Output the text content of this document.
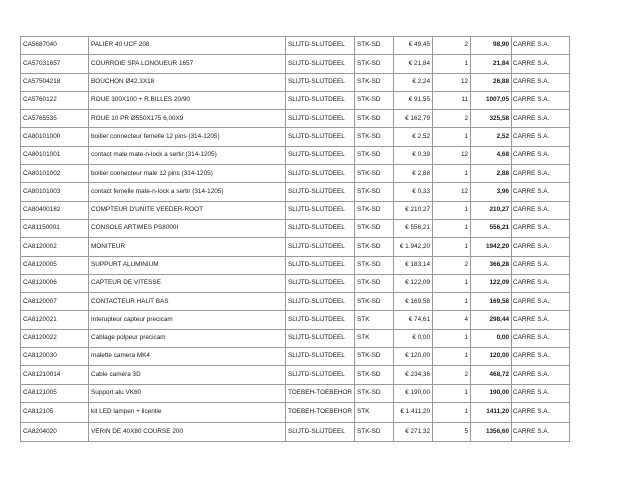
CA5687040	PALIER 40 UCF 208	SLIJTD-SLIJTDEEL	STK-SD	€ 49,45	2	98,90	CARRE S.A.
CA57031657	COURROIE SPA LONGUEUR 1657	SLIJTD-SLIJTDEEL	STK-SD	€ 21,84	1	21,84	CARRE S.A.
CA57504218	BOUCHON Ø42.3X18	SLIJTD-SLIJTDEEL	STK-SD	€ 2,24	12	26,88	CARRE S.A.
CA5760122	ROUE 300X100 + R.BILLES 20/90	SLIJTD-SLIJTDEEL	STK-SD	€ 91,55	11	1007,05	CARRE S.A.
CA5765535	ROUE 10 PR Ø550X175 6,00X9	SLIJTD-SLIJTDEEL	STK-SD	€ 162,79	2	325,58	CARRE S.A.
CA80101000	boitier connecteur femelle 12 pins (314-1205)	SLIJTD-SLIJTDEEL	STK-SD	€ 2,52	1	2,52	CARRE S.A.
CA80101001	contact male mate-n-lock a sertir (314-1205)	SLIJTD-SLIJTDEEL	STK-SD	€ 0,39	12	4,68	CARRE S.A.
CA80101002	boitier connecteur male 12 pins (314-1205)	SLIJTD-SLIJTDEEL	STK-SD	€ 2,88	1	2,88	CARRE S.A.
CA80101003	contact femelle mate-n-lock a sertir (314-1205)	SLIJTD-SLIJTDEEL	STK-SD	€ 0,33	12	3,96	CARRE S.A.
CA80400182	COMPTEUR D'UNITE VEEDER-ROOT	SLIJTD-SLIJTDEEL	STK-SD	€ 210,27	1	210,27	CARRE S.A.
CA81150001	CONSOLE ARTIMES PS8000I	SLIJTD-SLIJTDEEL	STK-SD	€ 556,21	1	556,21	CARRE S.A.
CA8120002	MONITEUR	SLIJTD-SLIJTDEEL	STK-SD	€ 1.942,20	1	1942,20	CARRE S.A.
CA8120005	SUPPURT ALUMINIUM	SLIJTD-SLIJTDEEL	STK-SD	€ 183,14	2	366,28	CARRE S.A.
CA8120006	CAPTEUR DE VITESSE	SLIJTD-SLIJTDEEL	STK-SD	€ 122,09	1	122,09	CARRE S.A.
CA8120007	CONTACTEUR HAUT BAS	SLIJTD-SLIJTDEEL	STK-SD	€ 169,58	1	169,58	CARRE S.A.
CA8120021	Interupteur capteur precicam	SLIJTD-SLIJTDEEL	STK	€ 74,61	4	298,44	CARRE S.A.
CA8120022	Cablage polpeur precicam	SLIJTD-SLIJTDEEL	STK	€ 0,00	1	0,00	CARRE S.A.
CA8120030	malette camera MK4	SLIJTD-SLIJTDEEL	STK-SD	€ 120,00	1	120,00	CARRE S.A.
CA81210014	Cable caméra 3D	SLIJTD-SLIJTDEEL	STK-SD	€ 234,36	2	468,72	CARRE S.A.
CA8121005	Support alu VK60	TOEBEH-TOEBEHOR	STK-SD	€ 190,00	1	190,00	CARRE S.A.
CA812105	kit LED lampen + licentie	TOEBEH-TOEBEHOR	STK	€ 1.411,20	1	1411,20	CARRE S.A.
CA8204020	VERIN DE 40X80 COURSE 200	SLIJTD-SLIJTDEEL	STK-SD	€ 271,32	5	1356,60	CARRE S.A.
